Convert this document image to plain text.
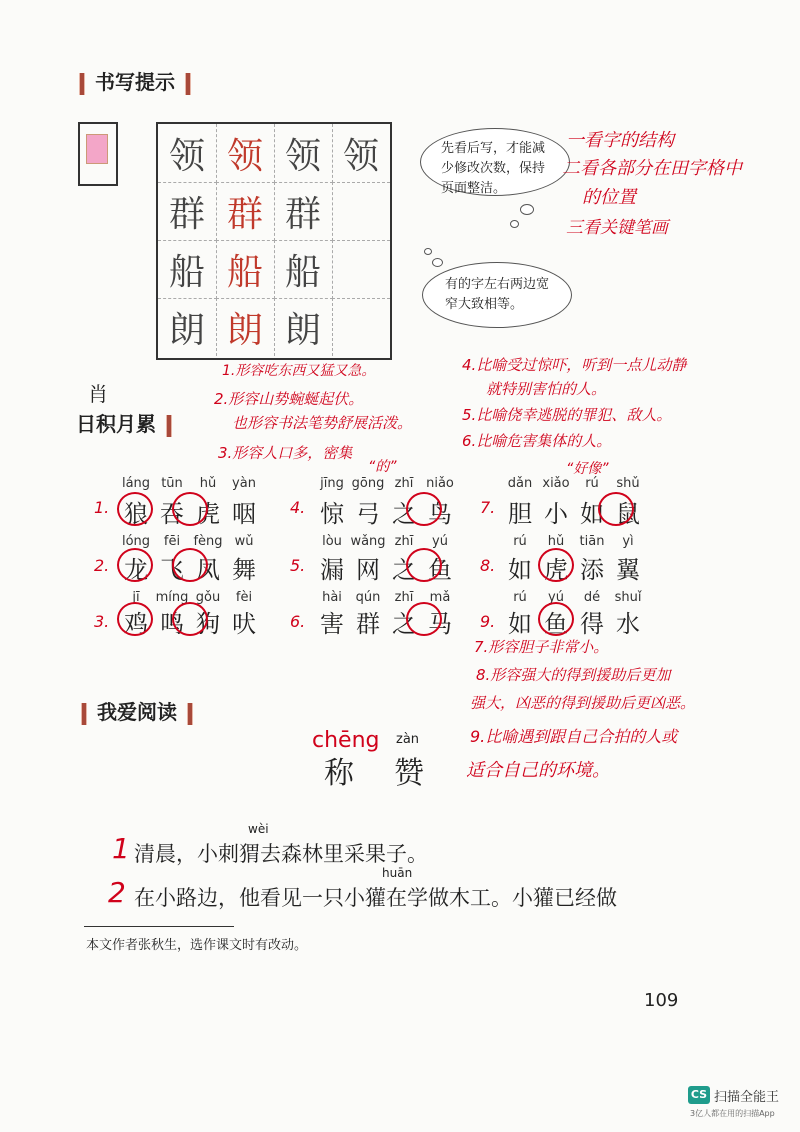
书写提示
领 领 领 领
群 群 群
船 船 船
朗 朗 朗
先看后写，才能减少修改次数，保持页面整洁。
有的字左右两边宽窄大致相等。
一看字的结构
二看各部分在田字格中
的位置
三看关键笔画
肖
日积月累
1.形容吃东西又猛又急。
2.形容山势蜿蜒起伏。
也形容书法笔势舒展活泼。
3.形容人口多，密集
“的”
4.比喻受过惊吓，听到一点儿动静
就特别害怕的人。
5.比喻侥幸逃脱的罪犯、敌人。
6.比喻危害集体的人。
“好像”
1.
láng tūn	hǔ	yàn
狼 吞 虎 咽
2.
lóng	fēi	fèng wǔ
龙 飞 凤 舞
3.
jī	míng gǒu	fèi
鸡 鸣 狗 吠
4.
jīng gōng zhī niǎo
惊 弓 之 鸟
5.
lòu wǎng zhī	yú
漏 网 之 鱼
6.
hài	qún	zhī	mǎ
害 群 之 马
7.
dǎn xiǎo	rú	shǔ
胆 小 如 鼠
8.
rú	hǔ	tiān	yì
如 虎 添 翼
9.
rú	yú	dé	shuǐ
如 鱼 得 水
7.形容胆子非常小。
8.形容强大的得到援助后更加
强大，凶恶的得到援助后更凶恶。
9.比喻遇到跟自己合拍的人或
适合自己的环境。
我爱阅读
chēng zàn
称 赞
1
wèi
清晨，小刺猬去森林里采果子。
2
huān
在小路边，他看见一只小獾在学做木工。小獾已经做
本文作者张秋生，选作课文时有改动。
109
CS 扫描全能王
3亿人都在用的扫描App
